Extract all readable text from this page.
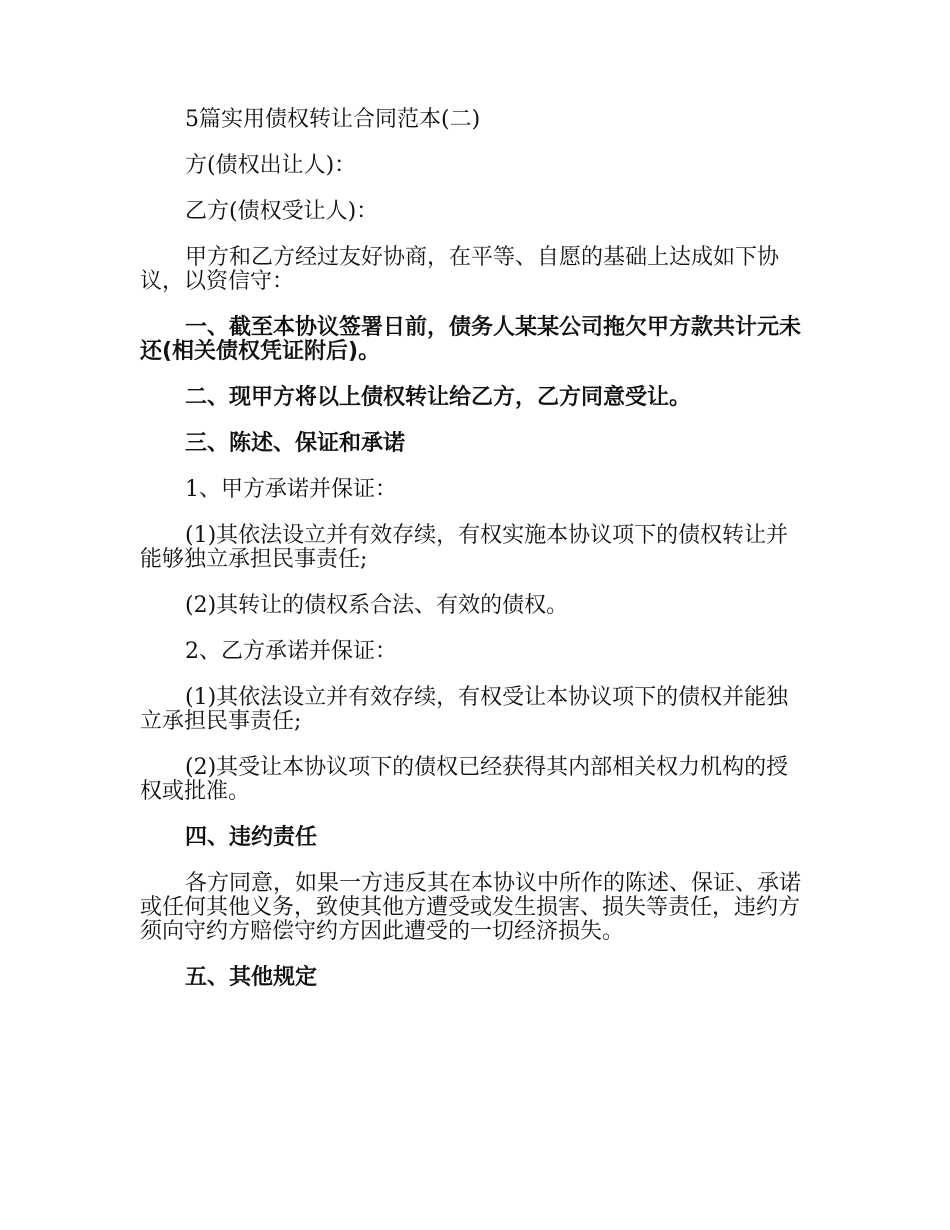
5篇实用债权转让合同范本(二)

方(债权出让人)：

乙方(债权受让人)：

甲方和乙方经过友好协商，在平等、自愿的基础上达成如下协议，以资信守：

一、截至本协议签署日前，债务人某某公司拖欠甲方款共计元未还(相关债权凭证附后)。

二、现甲方将以上债权转让给乙方，乙方同意受让。

三、陈述、保证和承诺

1、甲方承诺并保证：

(1)其依法设立并有效存续，有权实施本协议项下的债权转让并能够独立承担民事责任;

(2)其转让的债权系合法、有效的债权。

2、乙方承诺并保证：

(1)其依法设立并有效存续，有权受让本协议项下的债权并能独立承担民事责任;

(2)其受让本协议项下的债权已经获得其内部相关权力机构的授权或批准。

四、违约责任

各方同意，如果一方违反其在本协议中所作的陈述、保证、承诺或任何其他义务，致使其他方遭受或发生损害、损失等责任，违约方须向守约方赔偿守约方因此遭受的一切经济损失。

五、其他规定
